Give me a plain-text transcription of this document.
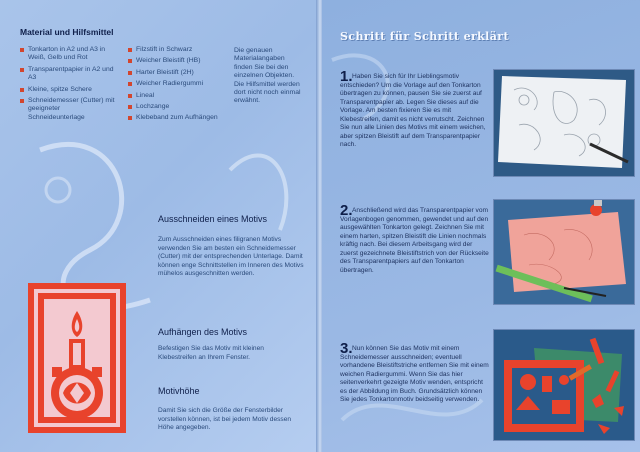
Material und Hilfsmittel
Tonkarton in A2 und A3 in Weiß, Gelb und Rot
Transparentpapier in A2 und A3
Kleine, spitze Schere
Schneidemesser (Cutter) mit geeigneter Schneideunterlage
Filzstift in Schwarz
Weicher Bleistift (HB)
Harter Bleistift (2H)
Weicher Radiergummi
Lineal
Lochzange
Klebeband zum Aufhängen
Die genauen Materialangaben finden Sie bei den einzelnen Objekten. Die Hilfsmittel werden dort nicht noch einmal erwähnt.
Ausschneiden eines Motivs

Zum Ausschneiden eines filigranen Motivs verwenden Sie am besten ein Schneidemesser (Cutter) mit der entsprechenden Unterlage. Damit können enge Schnittstellen im Inneren des Motivs mühelos ausgeschnitten werden.

Aufhängen des Motivs

Befestigen Sie das Motiv mit kleinen Klebestreifen an Ihrem Fenster.

Motivhöhe

Damit Sie sich die Größe der Fensterbilder vorstellen können, ist bei jedem Motiv dessen Höhe angegeben.

Schritt für Schritt erklärt
1. Haben Sie sich für Ihr Lieblingsmotiv entschieden? Um die Vorlage auf den Tonkarton übertragen zu können, pausen Sie sie zuerst auf Transparentpapier ab. Legen Sie dieses auf die Vorlage. Am besten fixieren Sie es mit Klebestreifen, damit es nicht verrutscht. Zeichnen Sie nun alle Linien des Motivs mit einem weichen, aber spitzen Bleistift auf dem Transparentpapier nach.

2. Anschließend wird das Transparentpapier vom Vorlagenbogen genommen, gewendet und auf den ausgewählten Tonkarton gelegt. Zeichnen Sie mit einem harten, spitzen Bleistift die Linien nochmals kräftig nach. Bei diesem Arbeitsgang wird der zuerst gezeichnete Bleistiftstrich von der Rückseite des Transparentpapiers auf den Tonkarton übertragen.

3. Nun können Sie das Motiv mit einem Schneidemesser ausschneiden; eventuell vorhandene Bleistiftstriche entfernen Sie mit einem weichen Radiergummi. Wenn Sie das hier seitenverkehrt gezeigte Motiv wenden, entspricht es der Abbildung im Buch. Grundsätzlich können Sie jedes Tonkartonmotiv beidseitig verwenden.
